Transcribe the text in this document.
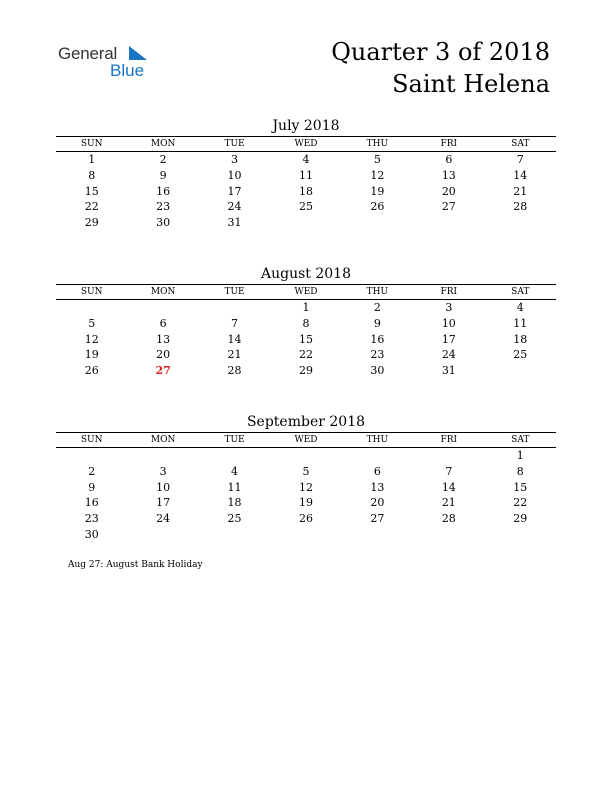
General
Blue
Quarter 3 of 2018
Saint Helena
July 2018
SUN	MON	TUE	WED	THU	FRI	SAT
1	2	3	4	5	6	7
8	9	10	11	12	13	14
15	16	17	18	19	20	21
22	23	24	25	26	27	28
29	30	31				
August 2018
SUN	MON	TUE	WED	THU	FRI	SAT
			1	2	3	4
5	6	7	8	9	10	11
12	13	14	15	16	17	18
19	20	21	22	23	24	25
26	27	28	29	30	31	
September 2018
SUN	MON	TUE	WED	THU	FRI	SAT
						1
2	3	4	5	6	7	8
9	10	11	12	13	14	15
16	17	18	19	20	21	22
23	24	25	26	27	28	29
30						
Aug 27: August Bank Holiday
